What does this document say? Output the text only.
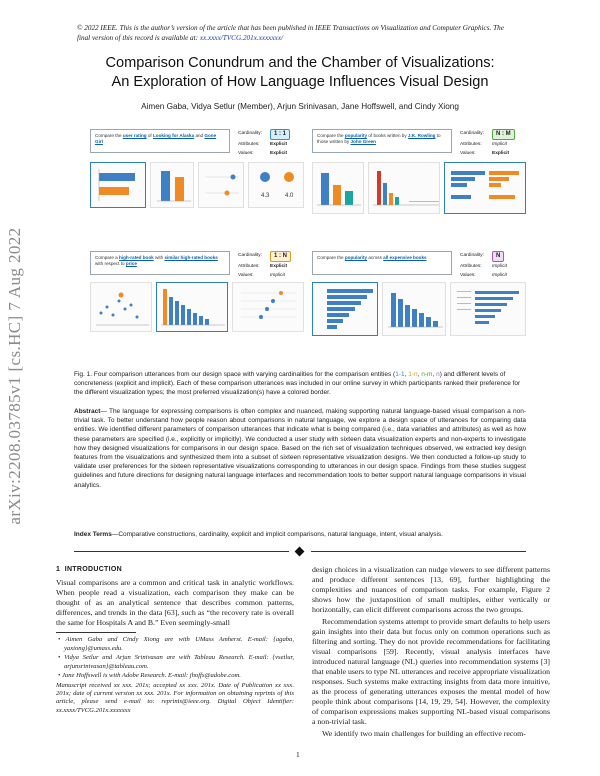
© 2022 IEEE. This is the author’s version of the article that has been published in IEEE Transactions on Visualization and Computer Graphics. The final version of this record is available at: xx.xxxx/TVCG.201x.xxxxxxx/
arXiv:2208.03785v1 [cs.HC] 7 Aug 2022
Comparison Conundrum and the Chamber of Visualizations:
An Exploration of How Language Influences Visual Design
Aimen Gaba, Vidya Setlur (Member), Arjun Srinivasan, Jane Hoffswell, and Cindy Xiong
Compare the user rating of Looking for Alaska and Gone Girl
Cardinality:	1 : 1
Attributes:	Explicit
Values:	Explicit
4.3	4.0
Compare the popularity of books written by J.K. Rowling to those written by John Green
Cardinality:	N : M
Attributes:	Implicit
Values:	Explicit
Compare a high-rated book with similar high-rated books with respect to price
Cardinality:	1 : N
Attributes:	Explicit
Values:	Implicit
Compare the popularity across all expensive books	Cardinality:	N
Attributes:	Implicit
Values:	Implicit
Fig. 1. Four comparison utterances from our design space with varying cardinalities for the comparison entities (1-1, 1-n, n-m, n) and different levels of concreteness (explicit and implicit). Each of these comparison utterances was included in our online survey in which participants ranked their preference for the different visualization types; the most preferred visualization(s) have a colored border.
Abstract— The language for expressing comparisons is often complex and nuanced, making supporting natural language-based visual comparison a non-trivial task. To better understand how people reason about comparisons in natural language, we explore a design space of utterances for comparing data entities. We identified different parameters of comparison utterances that indicate what is being compared (i.e., data variables and attributes) as well as how these parameters are specified (i.e., explicitly or implicitly). We conducted a user study with sixteen data visualization experts and non-experts to investigate how they designed visualizations for comparisons in our design space. Based on the rich set of visualization techniques observed, we extracted key design features from the visualizations and synthesized them into a subset of sixteen representative visualization designs. We then conducted a follow-up study to validate user preferences for the sixteen representative visualizations corresponding to utterances in our design space. Findings from these studies suggest guidelines and future directions for designing natural language interfaces and recommendation tools to better support natural language comparisons in visual analytics.
Index Terms—Comparative constructions, cardinality, explicit and implicit comparisons, natural language, intent, visual analysis.
1 INTRODUCTION
Visual comparisons are a common and critical task in analytic workflows. When people read a visualization, each comparison they make can be thought of as an analytical sentence that describes common patterns, differences, and trends in the data [63], such as “the recovery rate is overall the same for Hospitals A and B.” Even seemingly-small
• Aimen Gaba and Cindy Xiong are with UMass Amherst. E-mail: {agaba, yaxiong}@umass.edu.
• Vidya Setlur and Arjun Srinivasan are with Tableau Research. E-mail: {vsetlur, arjunsrinivasan}@tableau.com.
• Jane Hoffswell is with Adobe Research. E-mail: jhoffs@adobe.com.
Manuscript received xx xxx. 201x; accepted xx xxx. 201x. Date of Publication xx xxx. 201x; date of current version xx xxx. 201x. For information on obtaining reprints of this article, please send e-mail to: reprints@ieee.org. Digital Object Identifier: xx.xxxx/TVCG.201x.xxxxxxx
design choices in a visualization can nudge viewers to see different patterns and produce different sentences [13, 69], further highlighting the complexities and nuances of comparison tasks. For example, Figure 2 shows how the juxtaposition of small multiples, either vertically or horizontally, can elicit different comparisons across the two groups.
Recommendation systems attempt to provide smart defaults to help users gain insights into their data but focus only on common operations such as filtering and sorting. They do not provide recommendations for facilitating visual comparisons [59]. Recently, visual analysis interfaces have introduced natural language (NL) queries into recommendation systems [3] that enable users to type NL utterances and receive appropriate visualization responses. Such systems make extracting insights from data more intuitive, as the process of generating utterances exposes the mental model of how people think about comparisons [14, 19, 29, 54]. However, the complexity of comparison expressions makes supporting NL-based visual comparisons a non-trivial task.
We identify two main challenges for building an effective recom-
1
